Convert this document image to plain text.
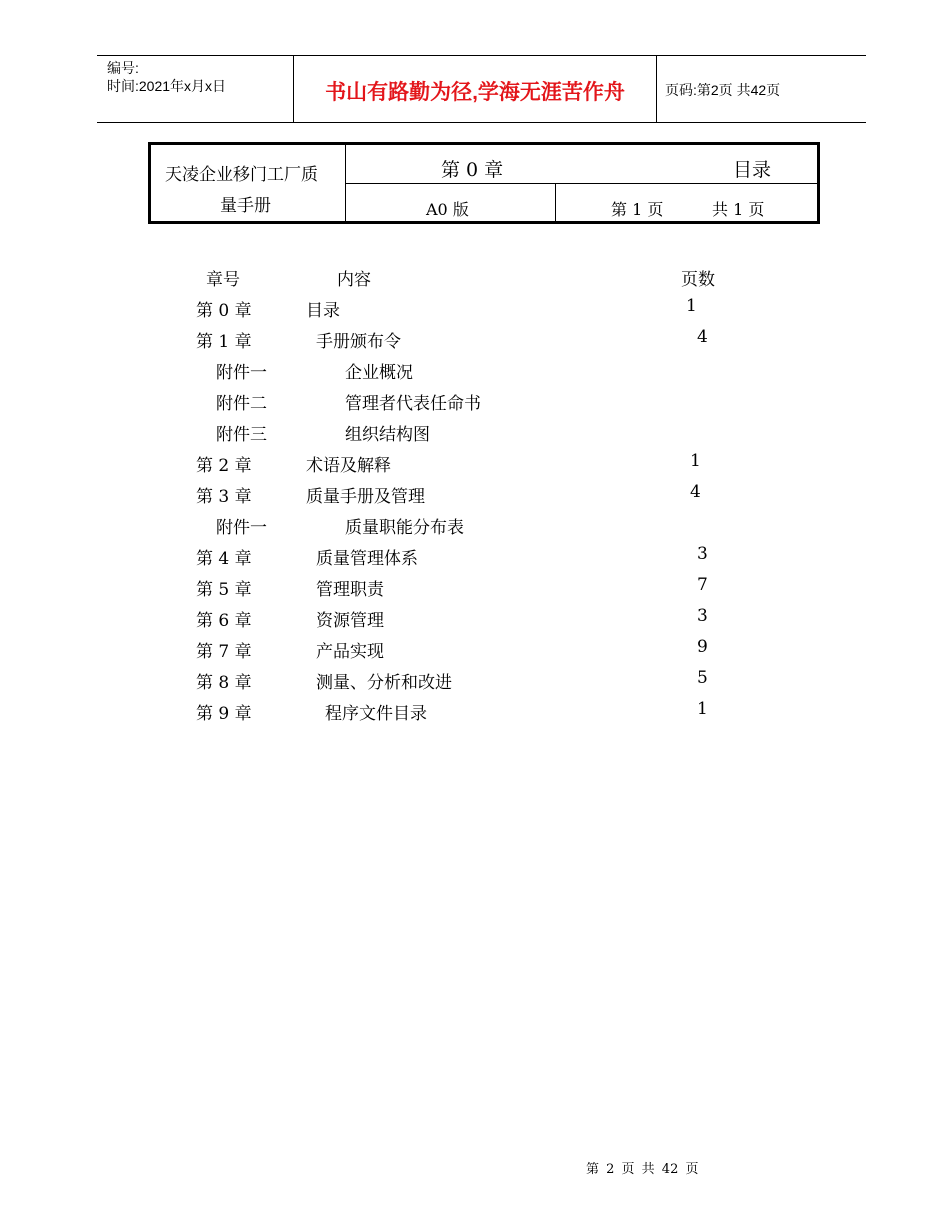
编号:
时间:2021年x月x日	书山有路勤为径,学海无涯苦作舟	页码:第2页 共42页
天凌企业移门工厂质
量手册
第 0 章	目录
A0 版	第 1 页	共 1 页
章号	内容	页数
第 0 章	目录	1
第 1 章	手册颁布令	4
附件一	企业概况
附件二	管理者代表任命书
附件三	组织结构图
第 2 章	术语及解释	1
第 3 章	质量手册及管理	4
附件一	质量职能分布表
第 4 章	质量管理体系	3
第 5 章	管理职责	7
第 6 章	资源管理	3
第 7 章	产品实现	9
第 8 章	测量、分析和改进	5
第 9 章	程序文件目录	1
第 2 页 共 42 页
